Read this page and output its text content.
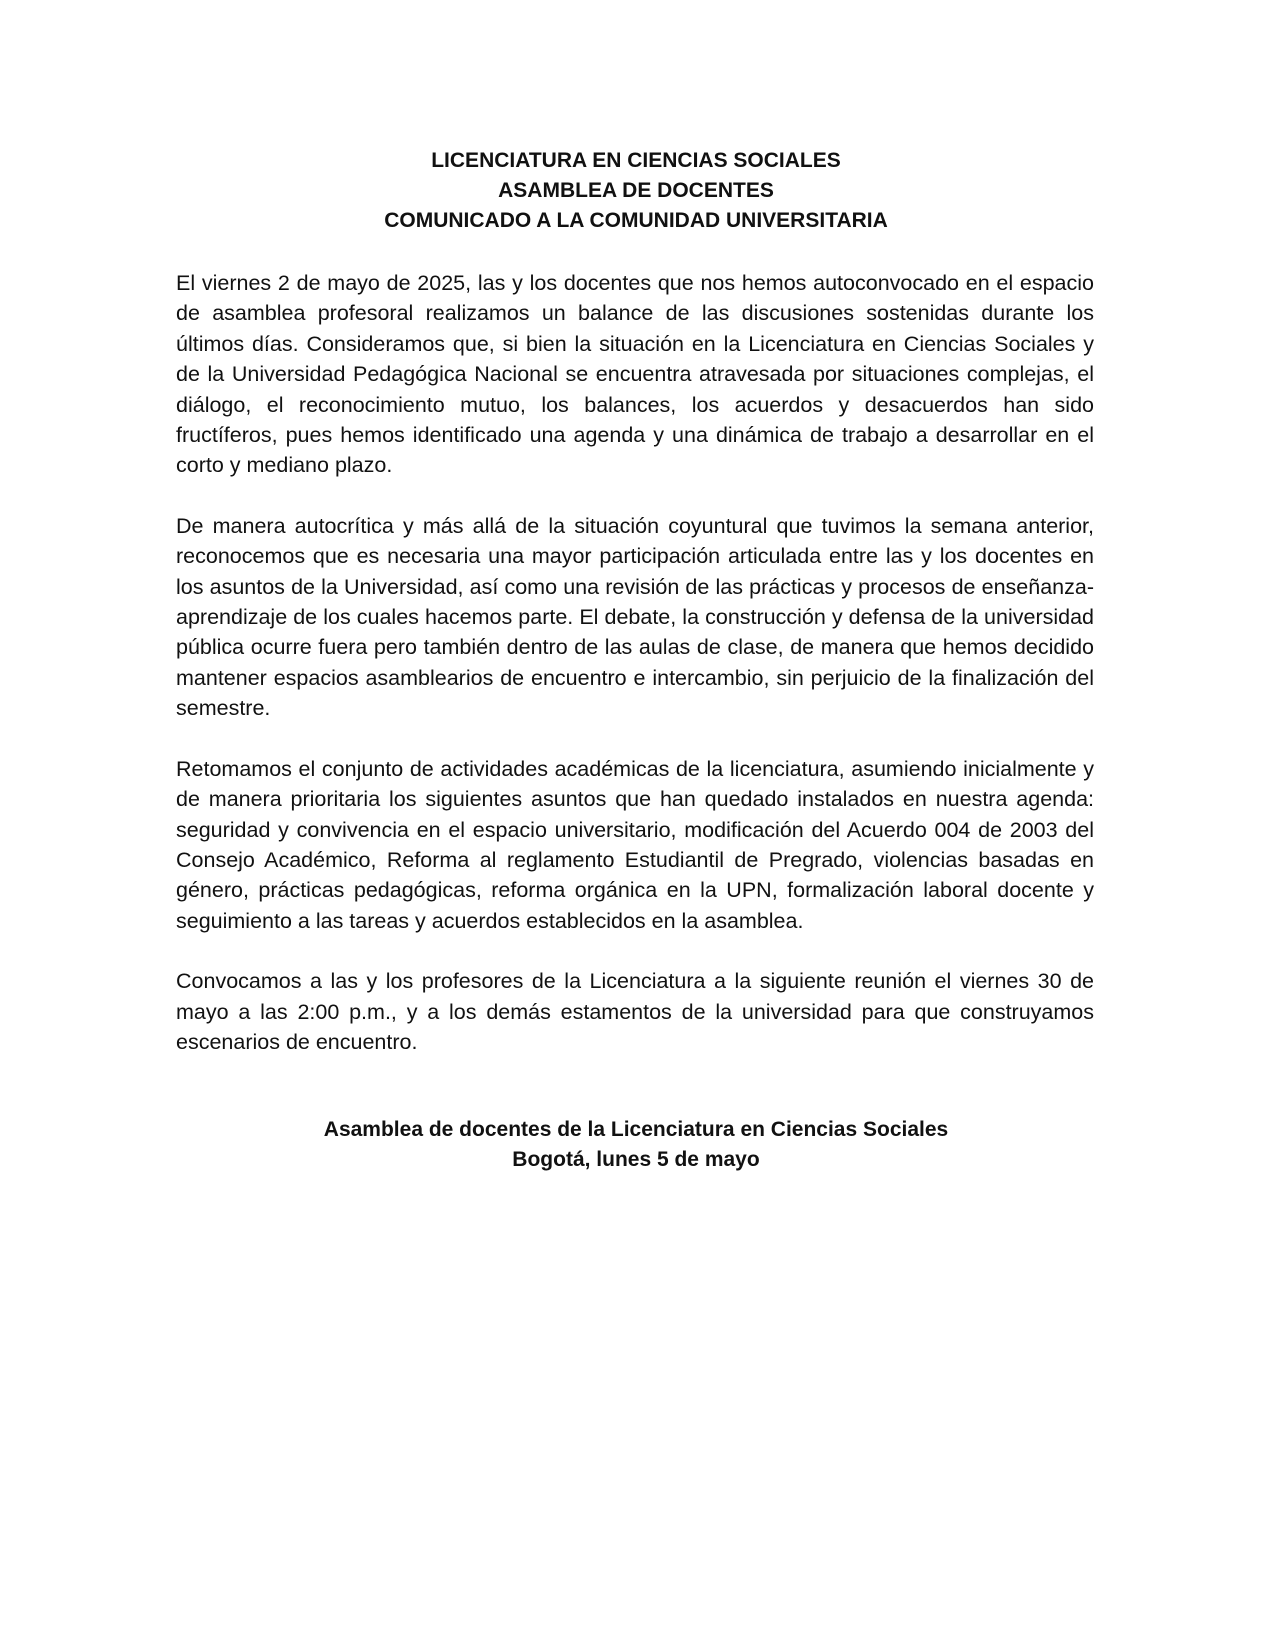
LICENCIATURA EN CIENCIAS SOCIALES
ASAMBLEA DE DOCENTES
COMUNICADO A LA COMUNIDAD UNIVERSITARIA

El viernes 2 de mayo de 2025, las y los docentes que nos hemos autoconvocado en el espacio de asamblea profesoral realizamos un balance de las discusiones sostenidas durante los últimos días. Consideramos que, si bien la situación en la Licenciatura en Ciencias Sociales y de la Universidad Pedagógica Nacional se encuentra atravesada por situaciones complejas, el diálogo, el reconocimiento mutuo, los balances, los acuerdos y desacuerdos han sido fructíferos, pues hemos identificado una agenda y una dinámica de trabajo a desarrollar en el corto y mediano plazo.

De manera autocrítica y más allá de la situación coyuntural que tuvimos la semana anterior, reconocemos que es necesaria una mayor participación articulada entre las y los docentes en los asuntos de la Universidad, así como una revisión de las prácticas y procesos de enseñanza-aprendizaje de los cuales hacemos parte. El debate, la construcción y defensa de la universidad pública ocurre fuera pero también dentro de las aulas de clase, de manera que hemos decidido mantener espacios asamblearios de encuentro e intercambio, sin perjuicio de la finalización del semestre.

Retomamos el conjunto de actividades académicas de la licenciatura, asumiendo inicialmente y de manera prioritaria los siguientes asuntos que han quedado instalados en nuestra agenda: seguridad y convivencia en el espacio universitario, modificación del Acuerdo 004 de 2003 del Consejo Académico, Reforma al reglamento Estudiantil de Pregrado, violencias basadas en género, prácticas pedagógicas, reforma orgánica en la UPN, formalización laboral docente y seguimiento a las tareas y acuerdos establecidos en la asamblea.

Convocamos a las y los profesores de la Licenciatura a la siguiente reunión el viernes 30 de mayo a las 2:00 p.m., y a los demás estamentos de la universidad para que construyamos escenarios de encuentro.

Asamblea de docentes de la Licenciatura en Ciencias Sociales
Bogotá, lunes 5 de mayo
